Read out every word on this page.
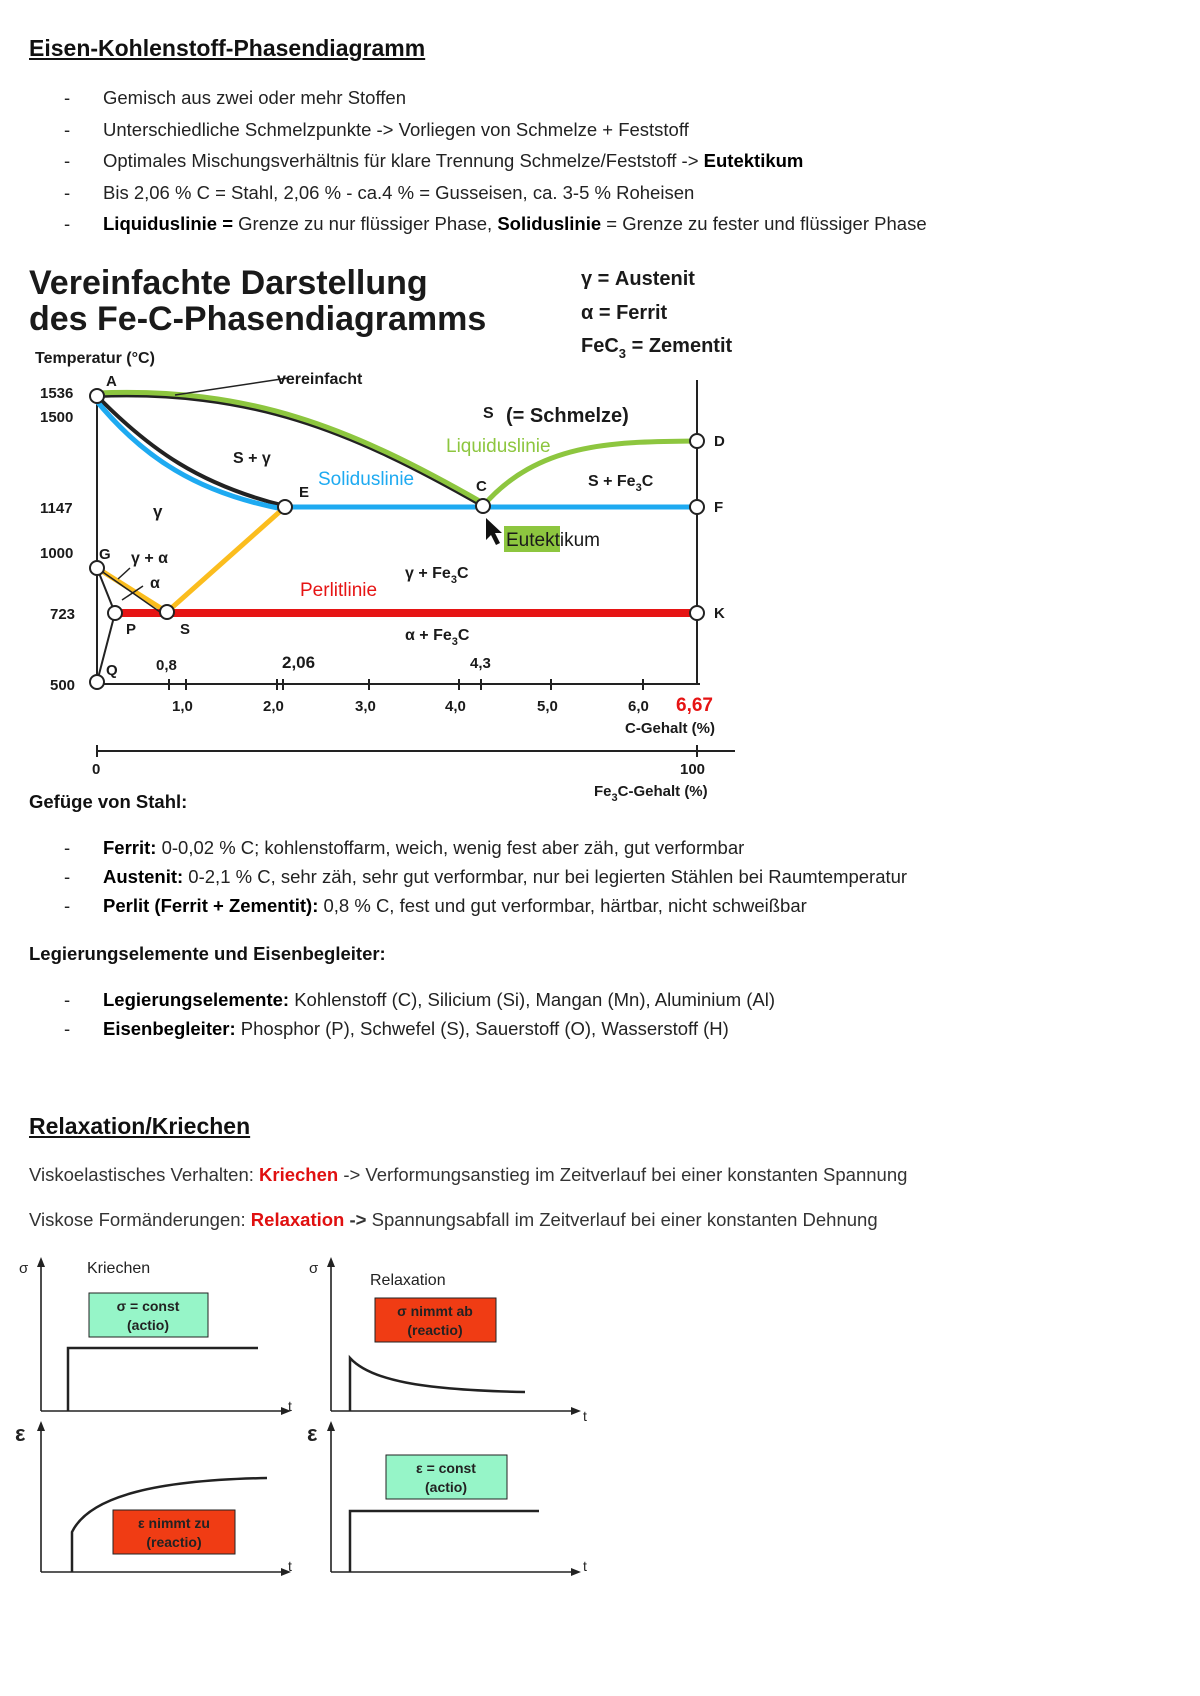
Eisen-Kohlenstoff-Phasendiagramm
- Gemisch aus zwei oder mehr Stoffen
- Unterschiedliche Schmelzpunkte -> Vorliegen von Schmelze + Feststoff
- Optimales Mischungsverhältnis für klare Trennung Schmelze/Feststoff -> Eutektikum
- Bis 2,06 % C = Stahl, 2,06 % - ca.4 % = Gusseisen, ca. 3-5 % Roheisen
- Liquiduslinie = Grenze zu nur flüssiger Phase, Soliduslinie = Grenze zu fester und flüssiger Phase
Vereinfachte Darstellung
des Fe-C-Phasendiagramms
γ = Austenit
α = Ferrit
FeC$_3$ = Zementit
Temperatur (°C)
1536
1500
1147
1000
723
500
1,0	2,0	3,0	4,0	5,0	6,0 6,67
C-Gehalt (%)
0,8	2,06	4,3
0	100
$Fe_3C$-Gehalt (%)
A
E	C
D
F
G
S
P
K
Q
vereinfacht
S (= Schmelze)
Liquiduslinie
Soliduslinie
S + γ
$S + Fe_3C$
γ
γ + α
α
$\gamma + Fe_3C$
$\alpha + Fe_3C$
Perlitlinie
Eutektikum
Gefüge von Stahl:
- Ferrit: 0-0,02 % C; kohlenstoffarm, weich, wenig fest aber zäh, gut verformbar
- Austenit: 0-2,1 % C, sehr zäh, sehr gut verformbar, nur bei legierten Stählen bei Raumtemperatur
- Perlit (Ferrit + Zementit): 0,8 % C, fest und gut verformbar, härtbar, nicht schweißbar
Legierungselemente und Eisenbegleiter:
- Legierungselemente: Kohlenstoff (C), Silicium (Si), Mangan (Mn), Aluminium (Al)
- Eisenbegleiter: Phosphor (P), Schwefel (S), Sauerstoff (O), Wasserstoff (H)
Relaxation/Kriechen
Viskoelastisches Verhalten: Kriechen -> Verformungsanstieg im Zeitverlauf bei einer konstanten Spannung
Viskose Formänderungen: Relaxation -> Spannungsabfall im Zeitverlauf bei einer konstanten Dehnung
σ	σ
ε	ε
t
t
t	t
Kriechen
Relaxation
σ = const
(actio)
σ nimmt ab
(reactio)
ε nimmt zu
(reactio)
ε = const
(actio)
